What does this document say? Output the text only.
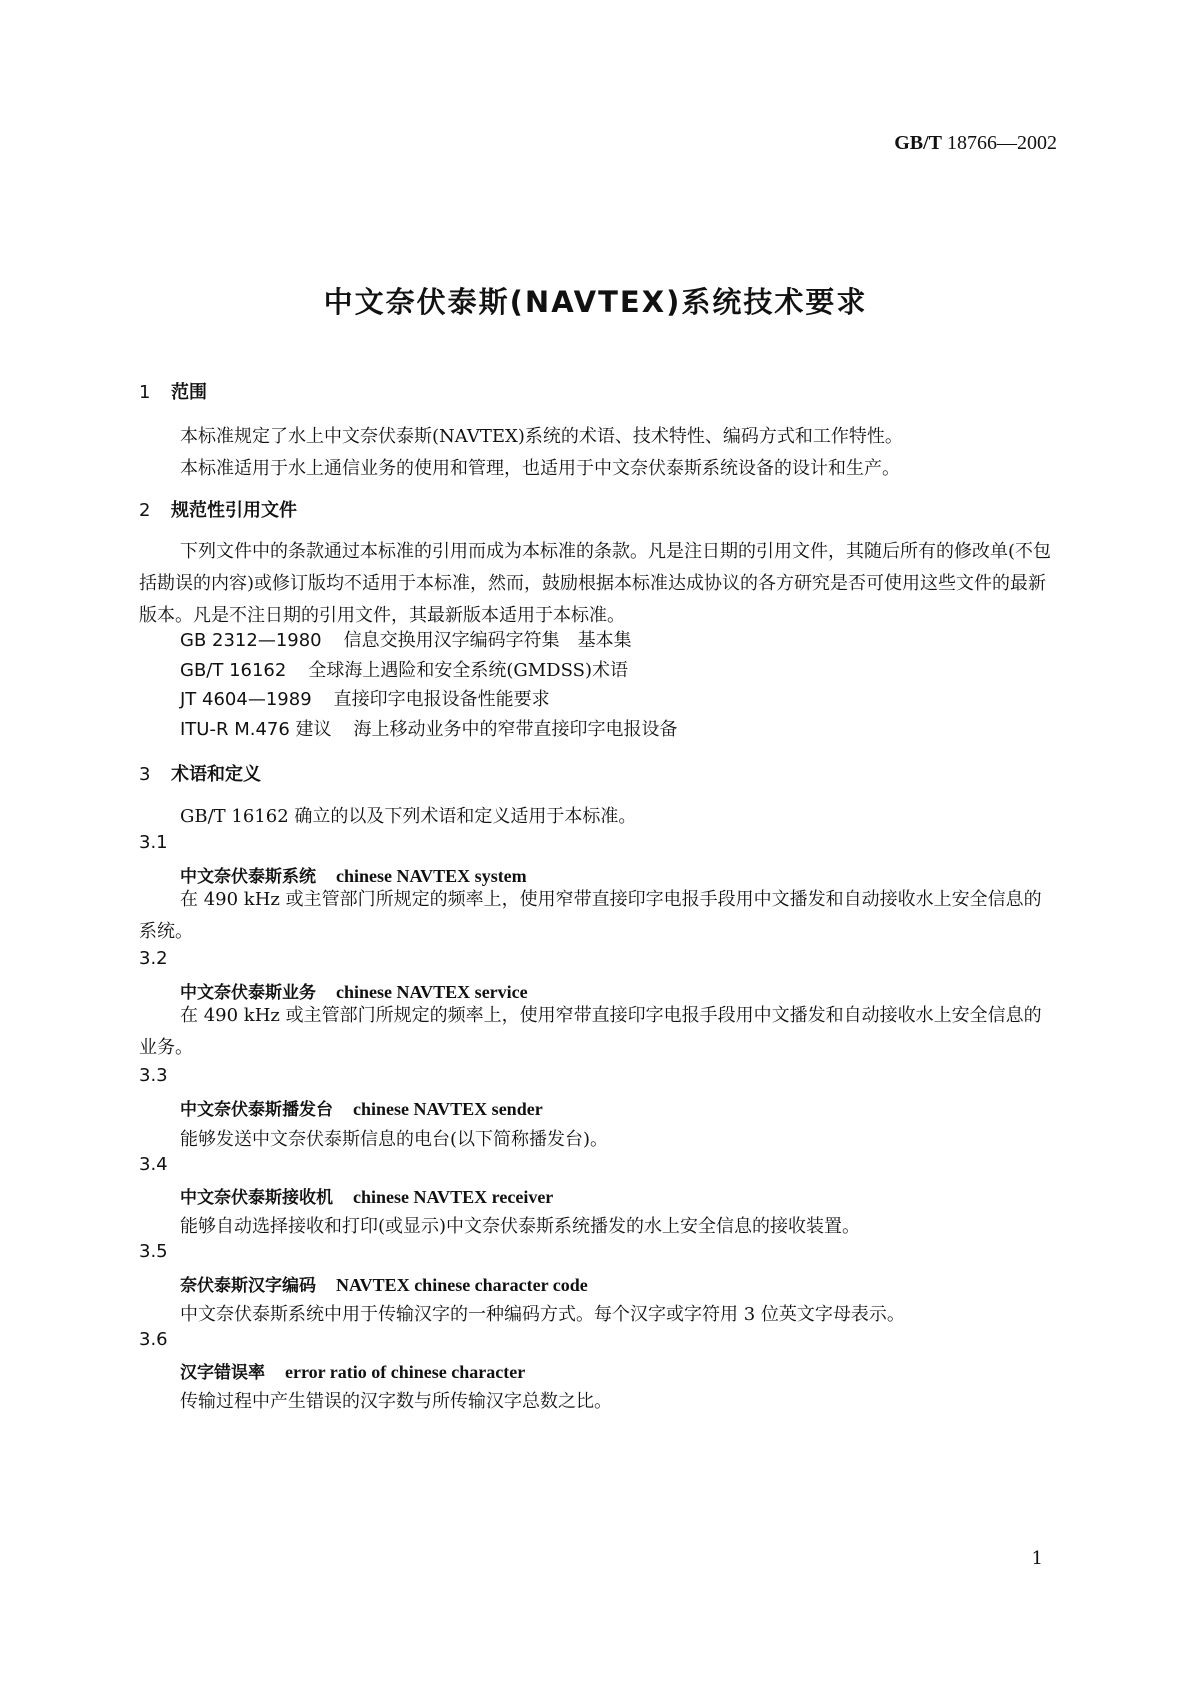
GB/T 18766—2002
中文奈伏泰斯(NAVTEX)系统技术要求
1 范围
本标准规定了水上中文奈伏泰斯(NAVTEX)系统的术语、技术特性、编码方式和工作特性。
本标准适用于水上通信业务的使用和管理，也适用于中文奈伏泰斯系统设备的设计和生产。
2 规范性引用文件
下列文件中的条款通过本标准的引用而成为本标准的条款。凡是注日期的引用文件，其随后所有的修改单(不包括勘误的内容)或修订版均不适用于本标准，然而，鼓励根据本标准达成协议的各方研究是否可使用这些文件的最新版本。凡是不注日期的引用文件，其最新版本适用于本标准。
GB 2312—1980 信息交换用汉字编码字符集　基本集
GB/T 16162 全球海上遇险和安全系统(GMDSS)术语
JT 4604—1989 直接印字电报设备性能要求
ITU-R M.476 建议 海上移动业务中的窄带直接印字电报设备
3 术语和定义
GB/T 16162 确立的以及下列术语和定义适用于本标准。
3.1
中文奈伏泰斯系统 chinese NAVTEX system
在 490 kHz 或主管部门所规定的频率上，使用窄带直接印字电报手段用中文播发和自动接收水上安全信息的系统。
3.2
中文奈伏泰斯业务 chinese NAVTEX service
在 490 kHz 或主管部门所规定的频率上，使用窄带直接印字电报手段用中文播发和自动接收水上安全信息的业务。
3.3
中文奈伏泰斯播发台 chinese NAVTEX sender
能够发送中文奈伏泰斯信息的电台(以下简称播发台)。
3.4
中文奈伏泰斯接收机 chinese NAVTEX receiver
能够自动选择接收和打印(或显示)中文奈伏泰斯系统播发的水上安全信息的接收装置。
3.5
奈伏泰斯汉字编码 NAVTEX chinese character code
中文奈伏泰斯系统中用于传输汉字的一种编码方式。每个汉字或字符用 3 位英文字母表示。
3.6
汉字错误率 error ratio of chinese character
传输过程中产生错误的汉字数与所传输汉字总数之比。
1
